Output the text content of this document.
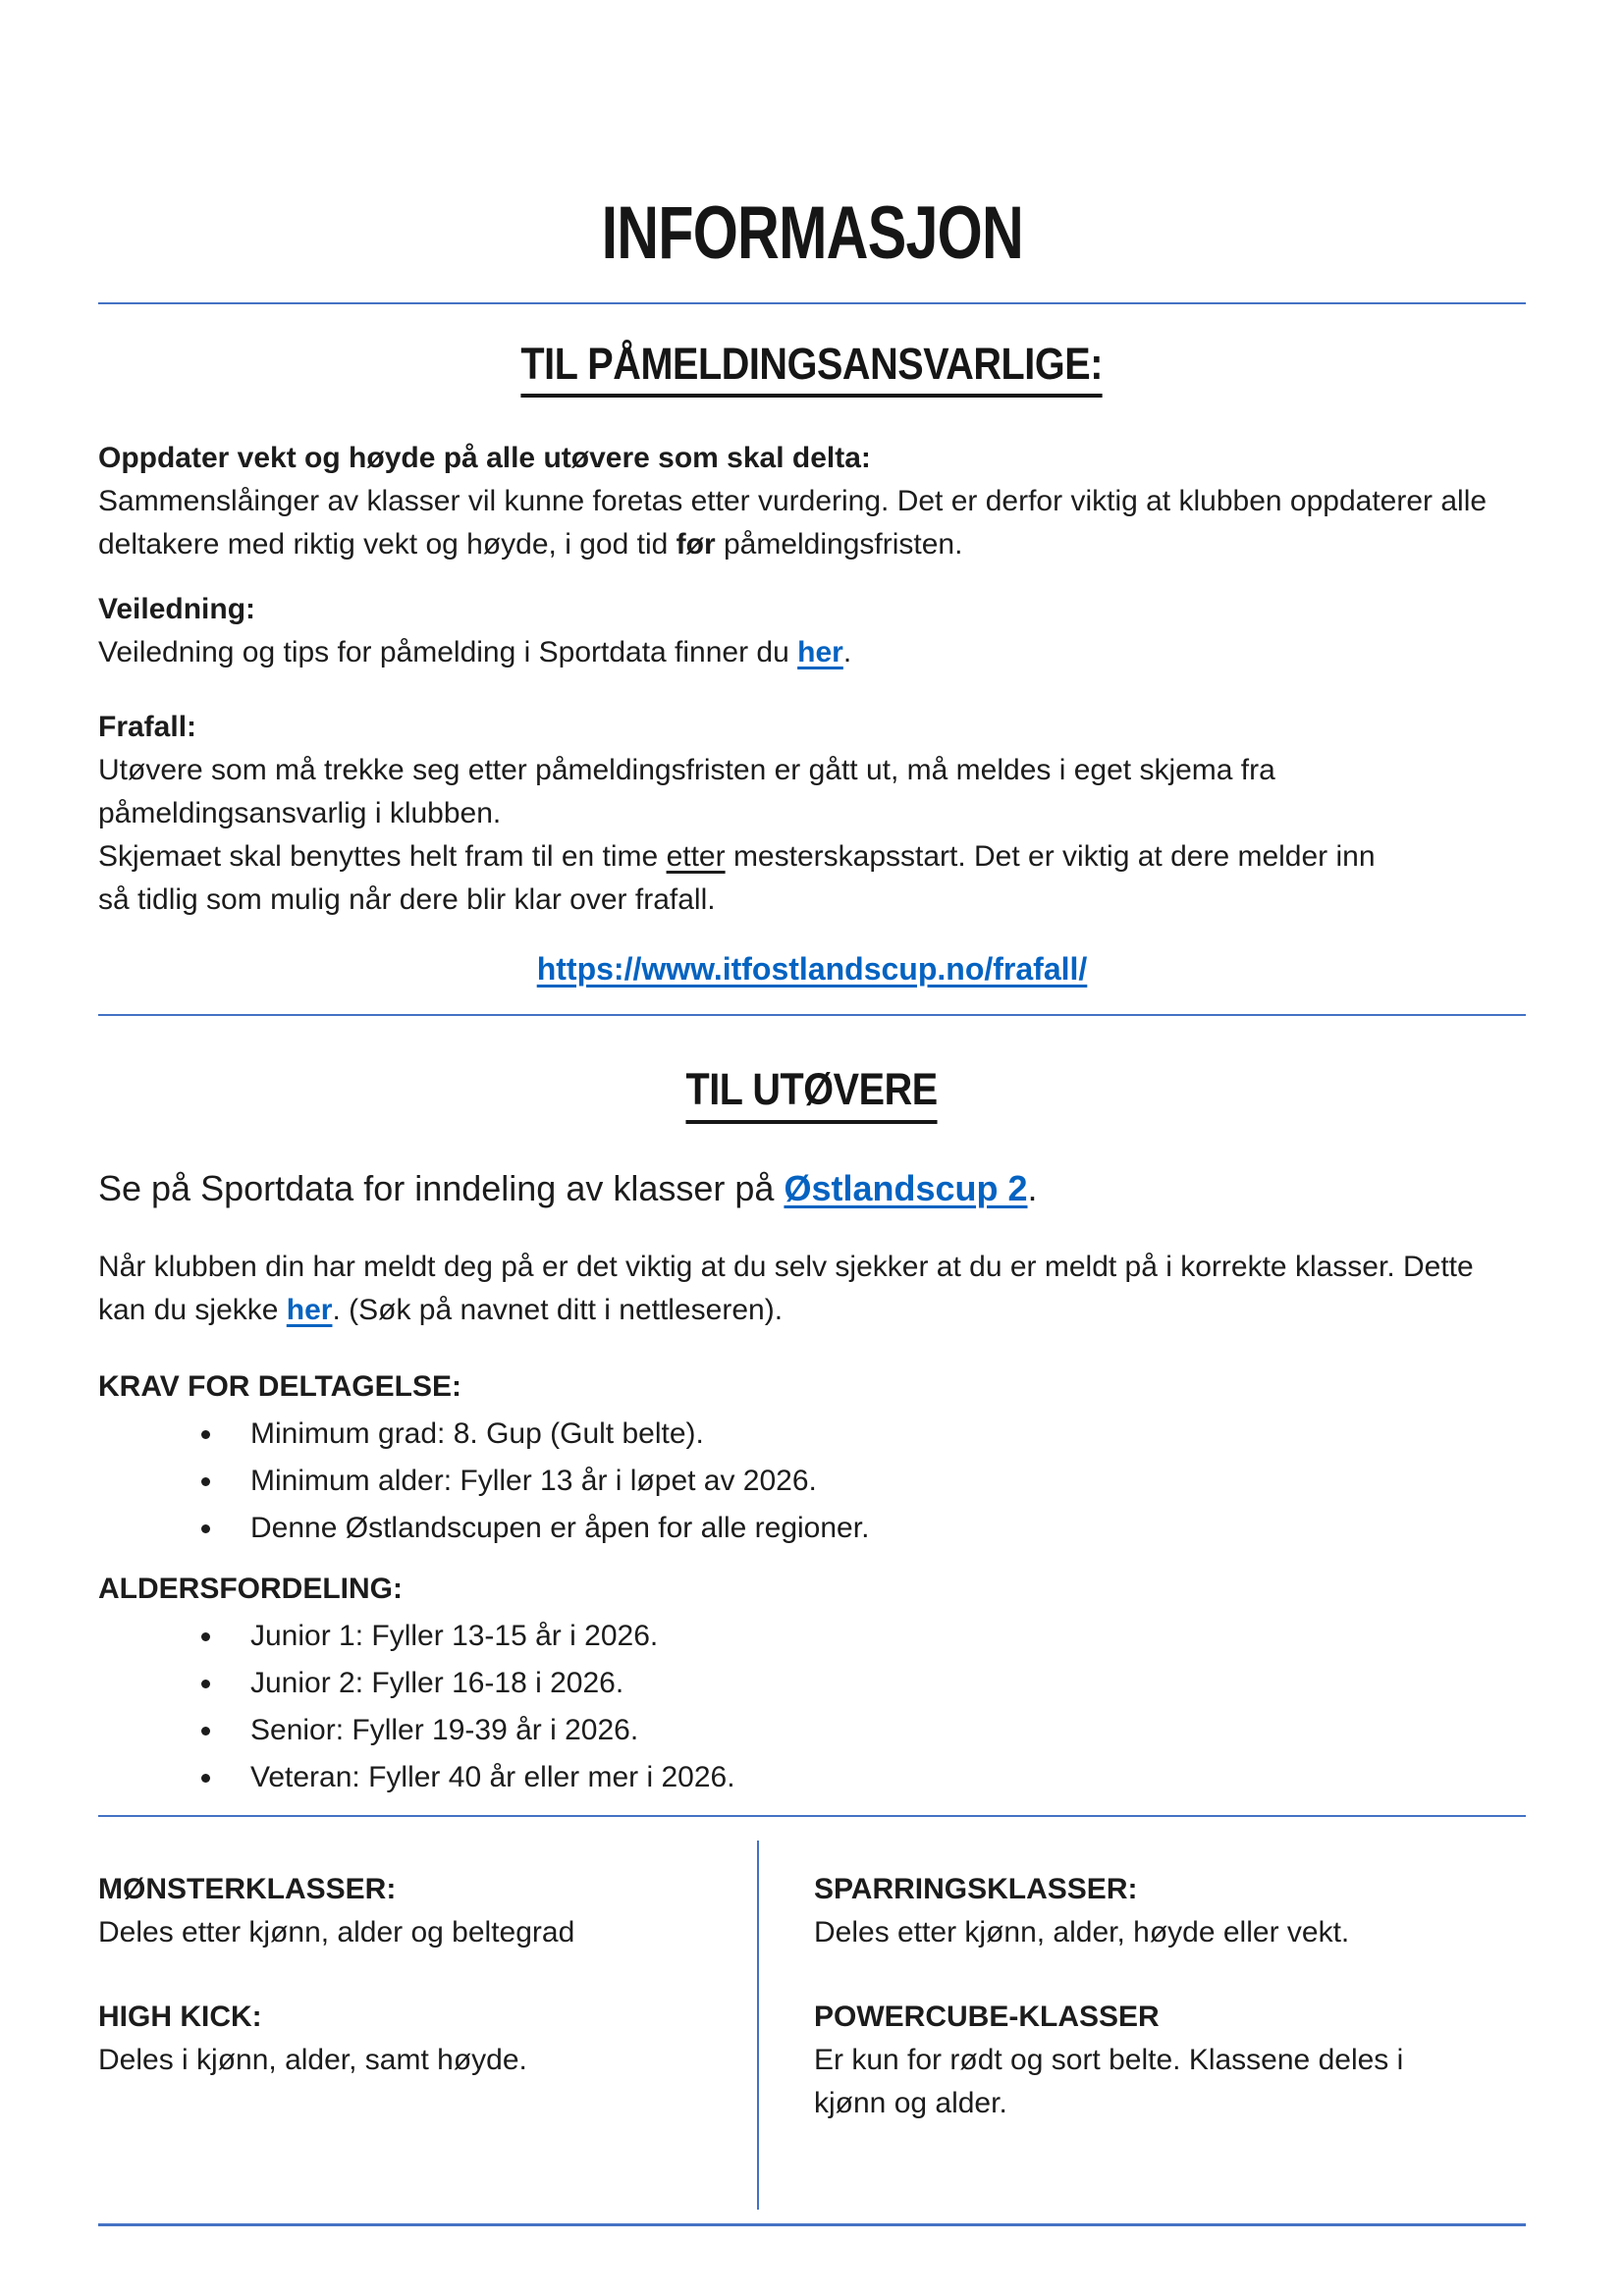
INFORMASJON
TIL PÅMELDINGSANSVARLIGE:

Oppdater vekt og høyde på alle utøvere som skal delta:
Sammenslåinger av klasser vil kunne foretas etter vurdering. Det er derfor viktig at klubben oppdaterer alle
deltakere med riktig vekt og høyde, i god tid før påmeldingsfristen.

Veiledning:
Veiledning og tips for påmelding i Sportdata finner du her.

Frafall:
Utøvere som må trekke seg etter påmeldingsfristen er gått ut, må meldes i eget skjema fra
påmeldingsansvarlig i klubben.
Skjemaet skal benyttes helt fram til en time etter mesterskapsstart. Det er viktig at dere melder inn
så tidlig som mulig når dere blir klar over frafall.

https://www.itfostlandscup.no/frafall/

TIL UTØVERE

Se på Sportdata for inndeling av klasser på Østlandscup 2.

Når klubben din har meldt deg på er det viktig at du selv sjekker at du er meldt på i korrekte klasser. Dette
kan du sjekke her. (Søk på navnet ditt i nettleseren).

KRAV FOR DELTAGELSE:

Minimum grad: 8. Gup (Gult belte).
Minimum alder: Fyller 13 år i løpet av 2026.
Denne Østlandscupen er åpen for alle regioner.

ALDERSFORDELING:

Junior 1: Fyller 13-15 år i 2026.
Junior 2: Fyller 16-18 i 2026.
Senior: Fyller 19-39 år i 2026.
Veteran: Fyller 40 år eller mer i 2026.
MØNSTERKLASSER:
Deles etter kjønn, alder og beltegrad
HIGH KICK:
Deles i kjønn, alder, samt høyde.
SPARRINGSKLASSER:
Deles etter kjønn, alder, høyde eller vekt.
POWERCUBE-KLASSER
Er kun for rødt og sort belte. Klassene deles i
kjønn og alder.
